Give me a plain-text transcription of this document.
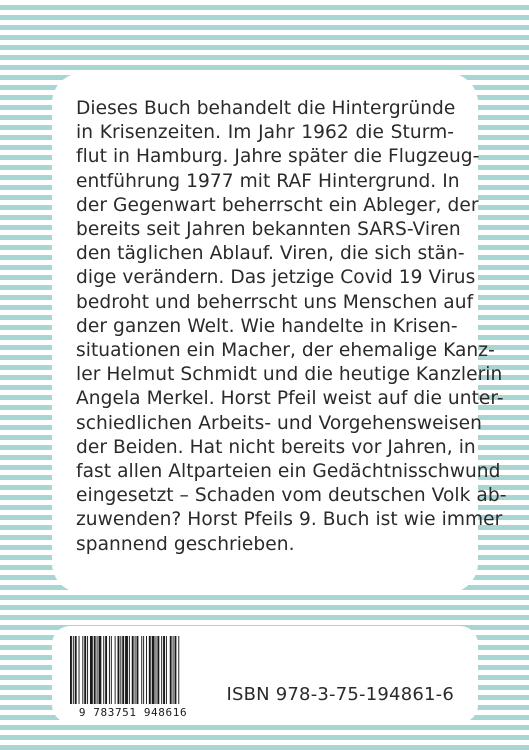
Dieses Buch behandelt die Hintergründe

in Krisenzeiten. Im Jahr 1962 die Sturm-

flut in Hamburg. Jahre später die Flugzeug-

entführung 1977 mit RAF Hintergrund. In

der Gegenwart beherrscht ein Ableger, der

bereits seit Jahren bekannten SARS-Viren

den täglichen Ablauf. Viren, die sich stän-

dige verändern. Das jetzige Covid 19 Virus

bedroht und beherrscht uns Menschen auf

der ganzen Welt. Wie handelte in Krisen-

situationen ein Macher, der ehemalige Kanz-

ler Helmut Schmidt und die heutige Kanzlerin

Angela Merkel. Horst Pfeil weist auf die unter-

schiedlichen Arbeits- und Vorgehensweisen

der Beiden. Hat nicht bereits vor Jahren, in

fast allen Altparteien ein Gedächtnisschwund

eingesetzt – Schaden vom deutschen Volk ab-

zuwenden? Horst Pfeils 9. Buch ist wie immer

spannend geschrieben.

9 783751 948616
ISBN 978-3-75-194861-6
